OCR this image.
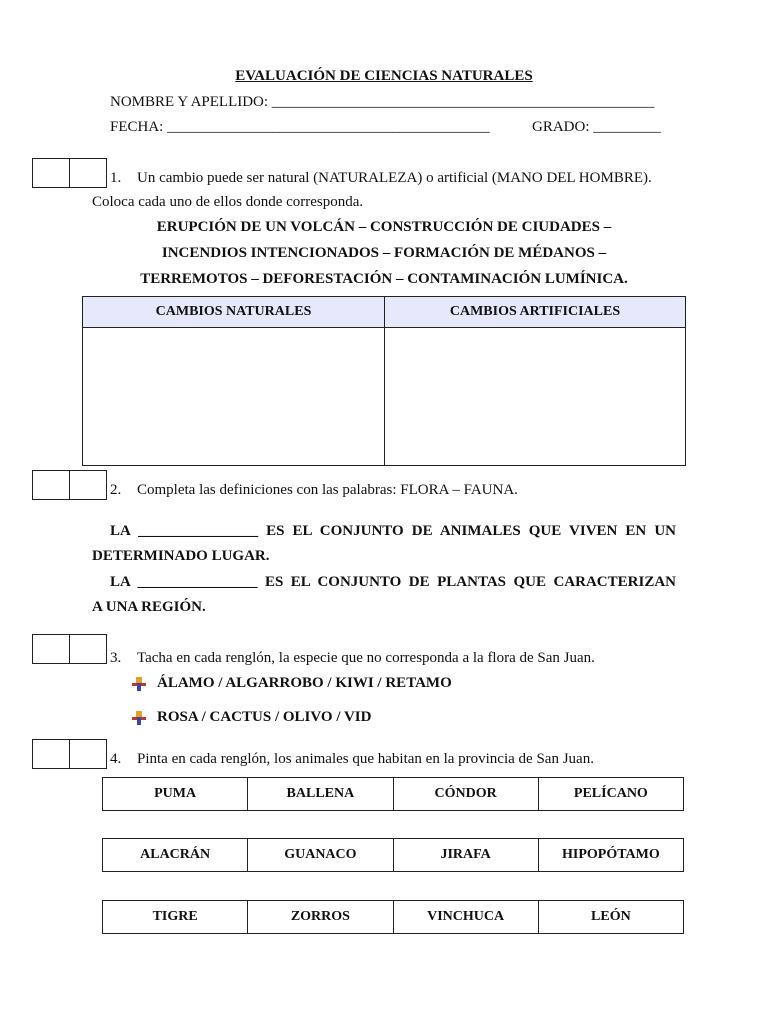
EVALUACIÓN DE CIENCIAS NATURALES
NOMBRE Y APELLIDO: ___________________________________________________
FECHA: ___________________________________________	GRADO: _________
1. Un cambio puede ser natural (NATURALEZA) o artificial (MANO DEL HOMBRE).
Coloca cada uno de ellos donde corresponda.
ERUPCIÓN DE UN VOLCÁN – CONSTRUCCIÓN DE CIUDADES –
INCENDIOS INTENCIONADOS – FORMACIÓN DE MÉDANOS –
TERREMOTOS – DEFORESTACIÓN – CONTAMINACIÓN LUMÍNICA.
CAMBIOS NATURALES	CAMBIOS ARTIFICIALES
2. Completa las definiciones con las palabras: FLORA – FAUNA.
LA ________________ ES EL CONJUNTO DE ANIMALES QUE VIVEN EN UN
DETERMINADO LUGAR.
LA ________________ ES EL CONJUNTO DE PLANTAS QUE CARACTERIZAN
A UNA REGIÓN.
3. Tacha en cada renglón, la especie que no corresponda a la flora de San Juan.
ÁLAMO / ALGARROBO / KIWI / RETAMO
ROSA / CACTUS / OLIVO / VID
4. Pinta en cada renglón, los animales que habitan en la provincia de San Juan.
PUMA	BALLENA	CÓNDOR	PELÍCANO
ALACRÁN	GUANACO	JIRAFA	HIPOPÓTAMO
TIGRE	ZORROS	VINCHUCA	LEÓN
